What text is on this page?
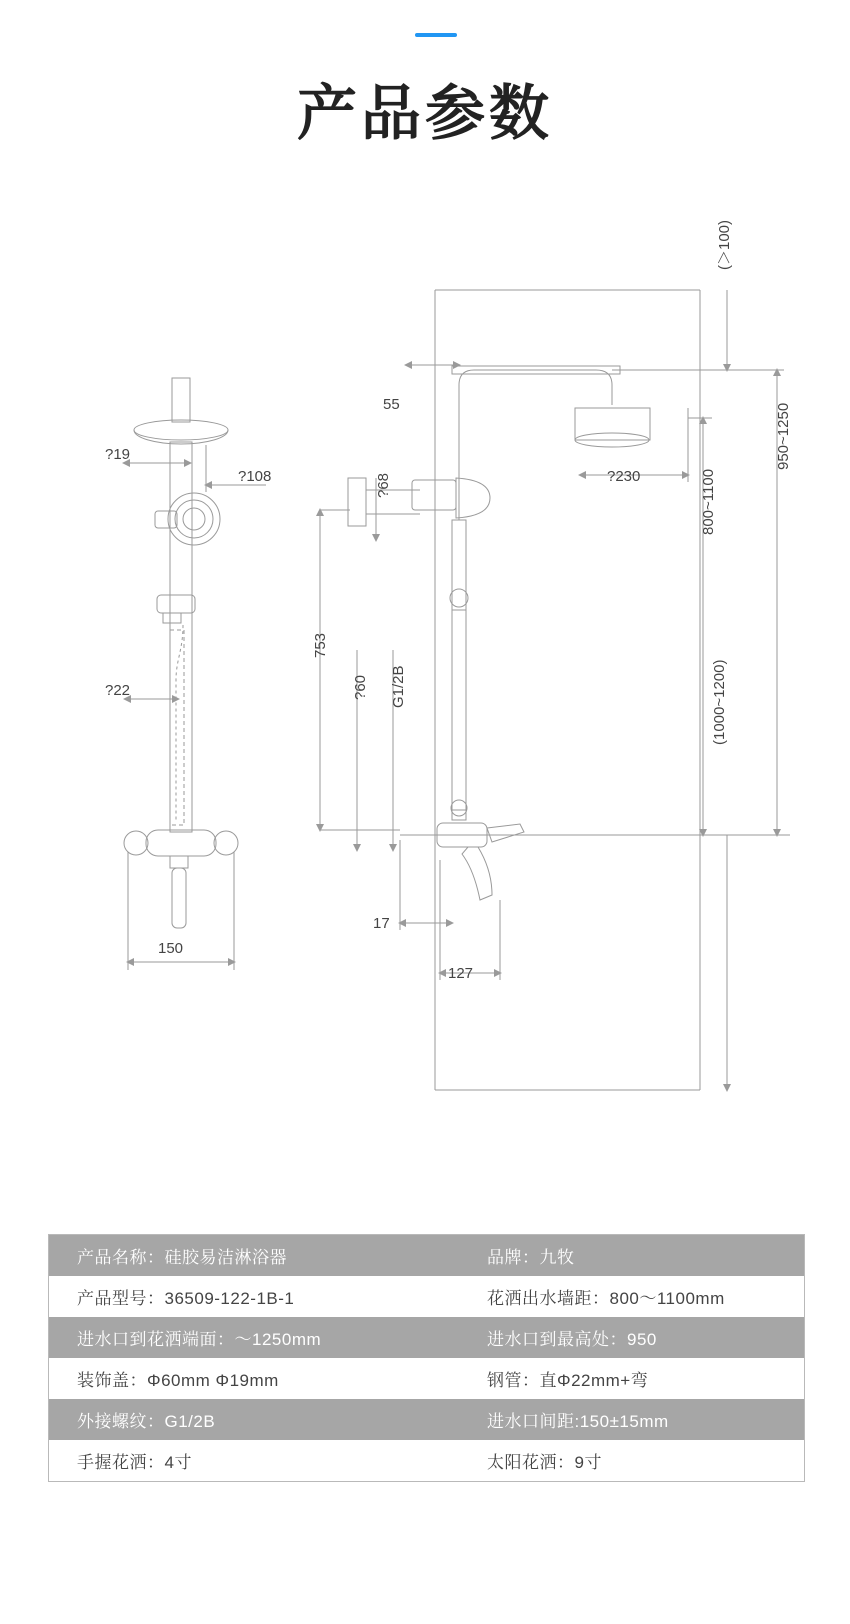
产品参数
?19
?108
?22
150
55
?68
753
?60 G1/2B
17
127
(＞100)
?230	800~1100
950~1250
(1000~1200)
产品名称：硅胶易洁淋浴器	品牌：九牧
产品型号：36509-122-1B-1	花洒出水墙距：800～1100mm
进水口到花洒端面：～1250mm	进水口到最高处：950
装饰盖：Φ60mm Φ19mm	钢管：直Φ22mm+弯
外接螺纹：G1/2B	进水口间距:150±15mm
手握花洒：4寸	太阳花洒：9寸
